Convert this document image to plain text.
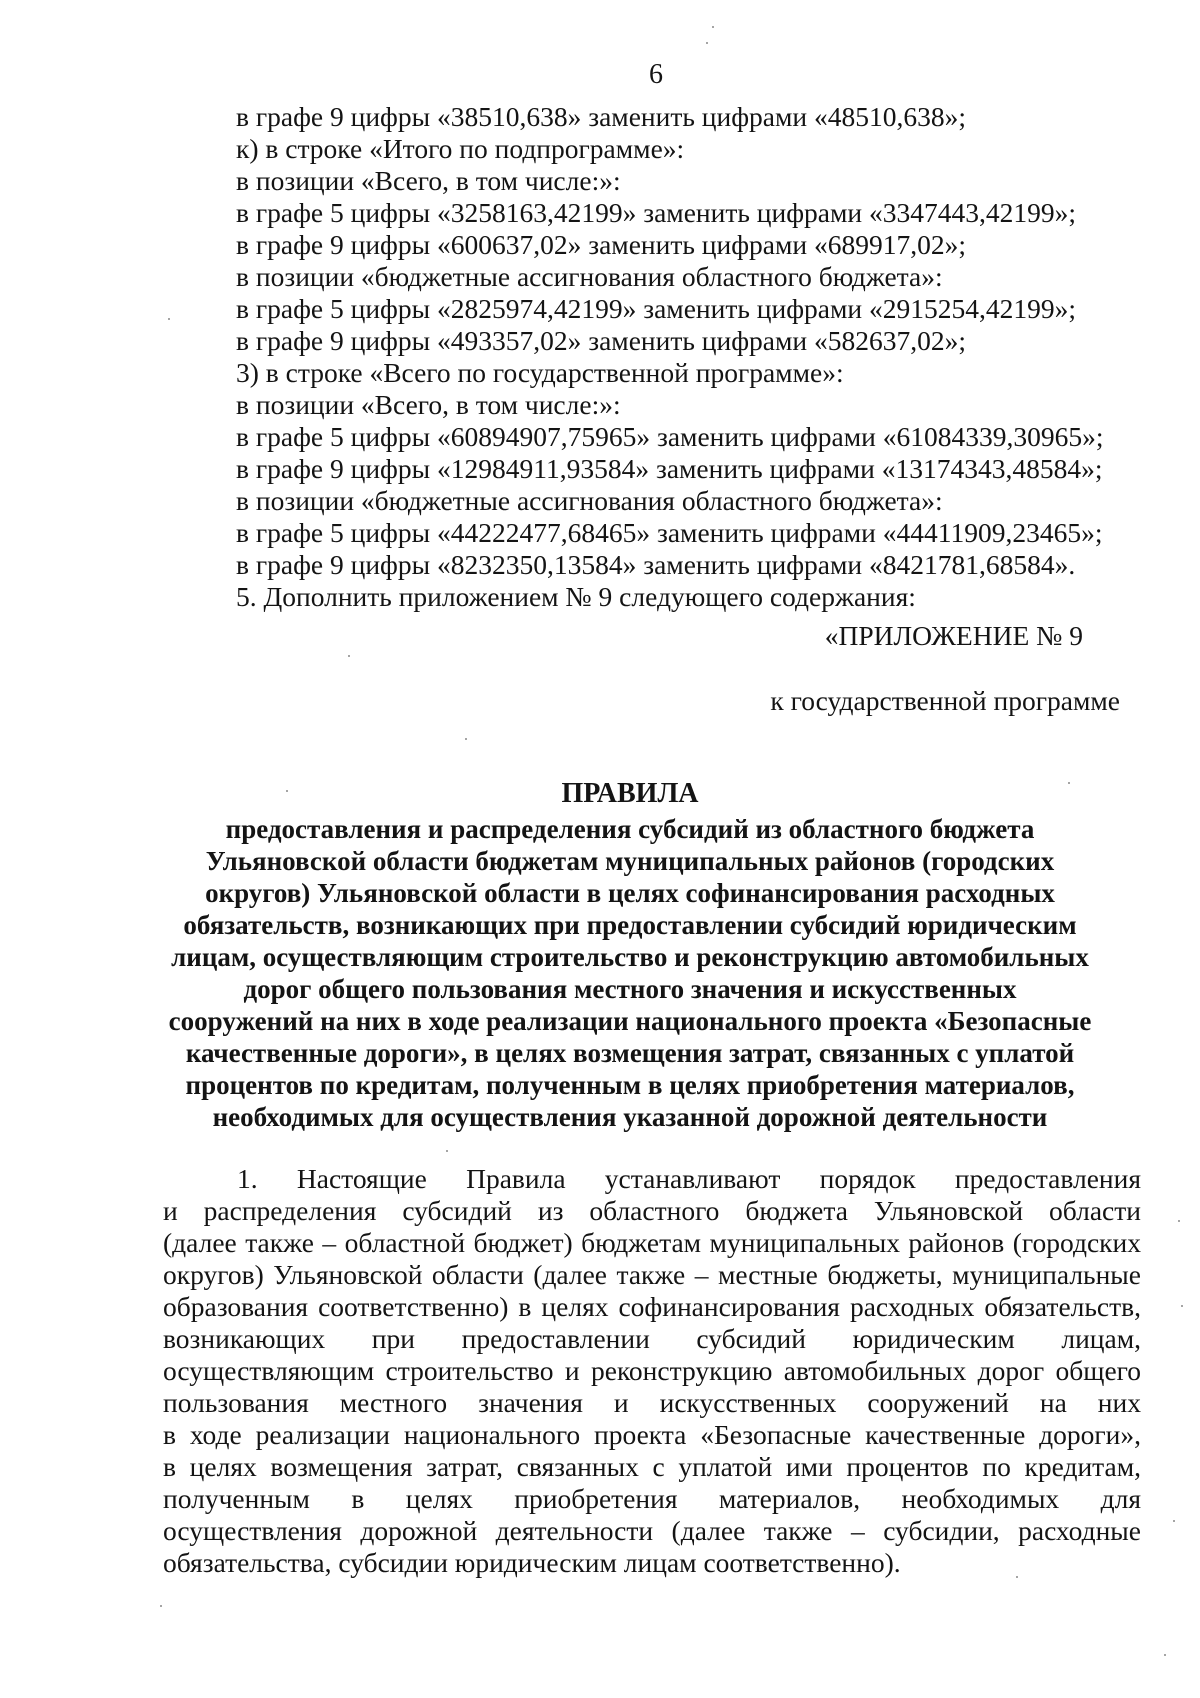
6
в графе 9 цифры «38510,638» заменить цифрами «48510,638»;
к) в строке «Итого по подпрограмме»:
в позиции «Всего, в том числе:»:
в графе 5 цифры «3258163,42199» заменить цифрами «3347443,42199»;
в графе 9 цифры «600637,02» заменить цифрами «689917,02»;
в позиции «бюджетные ассигнования областного бюджета»:
в графе 5 цифры «2825974,42199» заменить цифрами «2915254,42199»;
в графе 9 цифры «493357,02» заменить цифрами «582637,02»;
3) в строке «Всего по государственной программе»:
в позиции «Всего, в том числе:»:
в графе 5 цифры «60894907,75965» заменить цифрами «61084339,30965»;
в графе 9 цифры «12984911,93584» заменить цифрами «13174343,48584»;
в позиции «бюджетные ассигнования областного бюджета»:
в графе 5 цифры «44222477,68465» заменить цифрами «44411909,23465»;
в графе 9 цифры «8232350,13584» заменить цифрами «8421781,68584».
5. Дополнить приложением № 9 следующего содержания:
«ПРИЛОЖЕНИЕ № 9
к государственной программе
ПРАВИЛА
предоставления и распределения субсидий из областного бюджета
Ульяновской области бюджетам муниципальных районов (городских
округов) Ульяновской области в целях софинансирования расходных
обязательств, возникающих при предоставлении субсидий юридическим
лицам, осуществляющим строительство и реконструкцию автомобильных
дорог общего пользования местного значения и искусственных
сооружений на них в ходе реализации национального проекта «Безопасные
качественные дороги», в целях возмещения затрат, связанных с уплатой
процентов по кредитам, полученным в целях приобретения материалов,
необходимых для осуществления указанной дорожной деятельности
1. Настоящие Правила устанавливают порядок предоставления
и распределения субсидий из областного бюджета Ульяновской области
(далее также – областной бюджет) бюджетам муниципальных районов (городских
округов) Ульяновской области (далее также – местные бюджеты, муниципальные
образования соответственно) в целях софинансирования расходных обязательств,
возникающих при предоставлении субсидий юридическим лицам,
осуществляющим строительство и реконструкцию автомобильных дорог общего
пользования местного значения и искусственных сооружений на них
в ходе реализации национального проекта «Безопасные качественные дороги»,
в целях возмещения затрат, связанных с уплатой ими процентов по кредитам,
полученным в целях приобретения материалов, необходимых для
осуществления дорожной деятельности (далее также – субсидии, расходные
обязательства, субсидии юридическим лицам соответственно).
